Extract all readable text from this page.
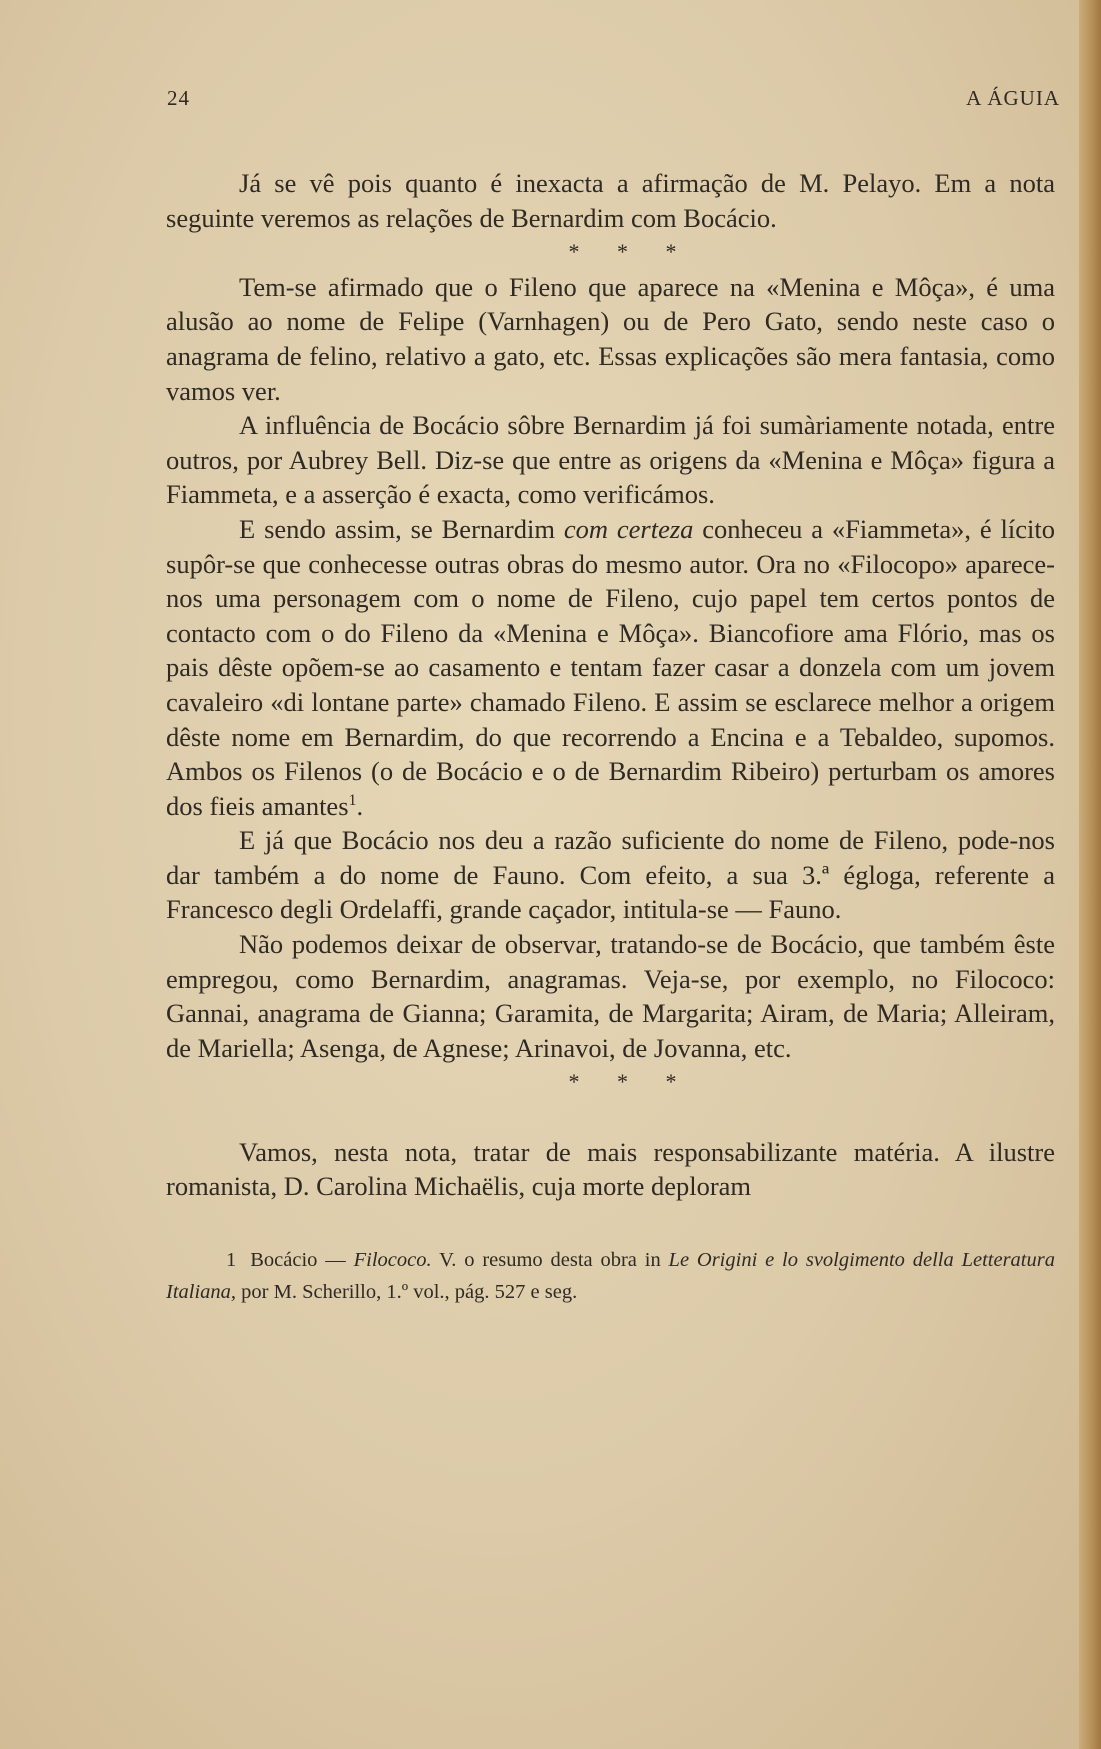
24	A ÁGUIA

Já se vê pois quanto é inexacta a afirmação de M. Pelayo. Em a nota seguinte veremos as relações de Bernardim com Bocácio.

* * *

Tem-se afirmado que o Fileno que aparece na «Menina e Môça», é uma alusão ao nome de Felipe (Varnhagen) ou de Pero Gato, sendo neste caso o anagrama de felino, relativo a gato, etc. Essas explicações são mera fantasia, como vamos ver.

A influência de Bocácio sôbre Bernardim já foi sumàriamente notada, entre outros, por Aubrey Bell. Diz-se que entre as origens da «Menina e Môça» figura a Fiammeta, e a asserção é exacta, como verificámos.

E sendo assim, se Bernardim com certeza conheceu a «Fiammeta», é lícito supôr-se que conhecesse outras obras do mesmo autor. Ora no «Filocopo» aparece-nos uma personagem com o nome de Fileno, cujo papel tem certos pontos de contacto com o do Fileno da «Menina e Môça». Biancofiore ama Flório, mas os pais dêste opõem-se ao casamento e tentam fazer casar a donzela com um jovem cavaleiro «di lontane parte» chamado Fileno. E assim se esclarece melhor a origem dêste nome em Bernardim, do que recorrendo a Encina e a Tebaldeo, supomos. Ambos os Filenos (o de Bocácio e o de Bernardim Ribeiro) perturbam os amores dos fieis amantes$^1$.

E já que Bocácio nos deu a razão suficiente do nome de Fileno, pode-nos dar também a do nome de Fauno. Com efeito, a sua 3.ª égloga, referente a Francesco degli Ordelaffi, grande caçador, intitula-se — Fauno.

Não podemos deixar de observar, tratando-se de Bocácio, que também êste empregou, como Bernardim, anagramas. Veja-se, por exemplo, no Filococo: Gannai, anagrama de Gianna; Garamita, de Margarita; Airam, de Maria; Alleiram, de Mariella; Asenga, de Agnese; Arinavoi, de Jovanna, etc.

* * *

Vamos, nesta nota, tratar de mais responsabilizante matéria. A ilustre romanista, D. Carolina Michaëlis, cuja morte deploram

1 Bocácio — Filococo. V. o resumo desta obra in Le Origini e lo svolgimento della Letteratura Italiana, por M. Scherillo, 1.º vol., pág. 527 e seg.
